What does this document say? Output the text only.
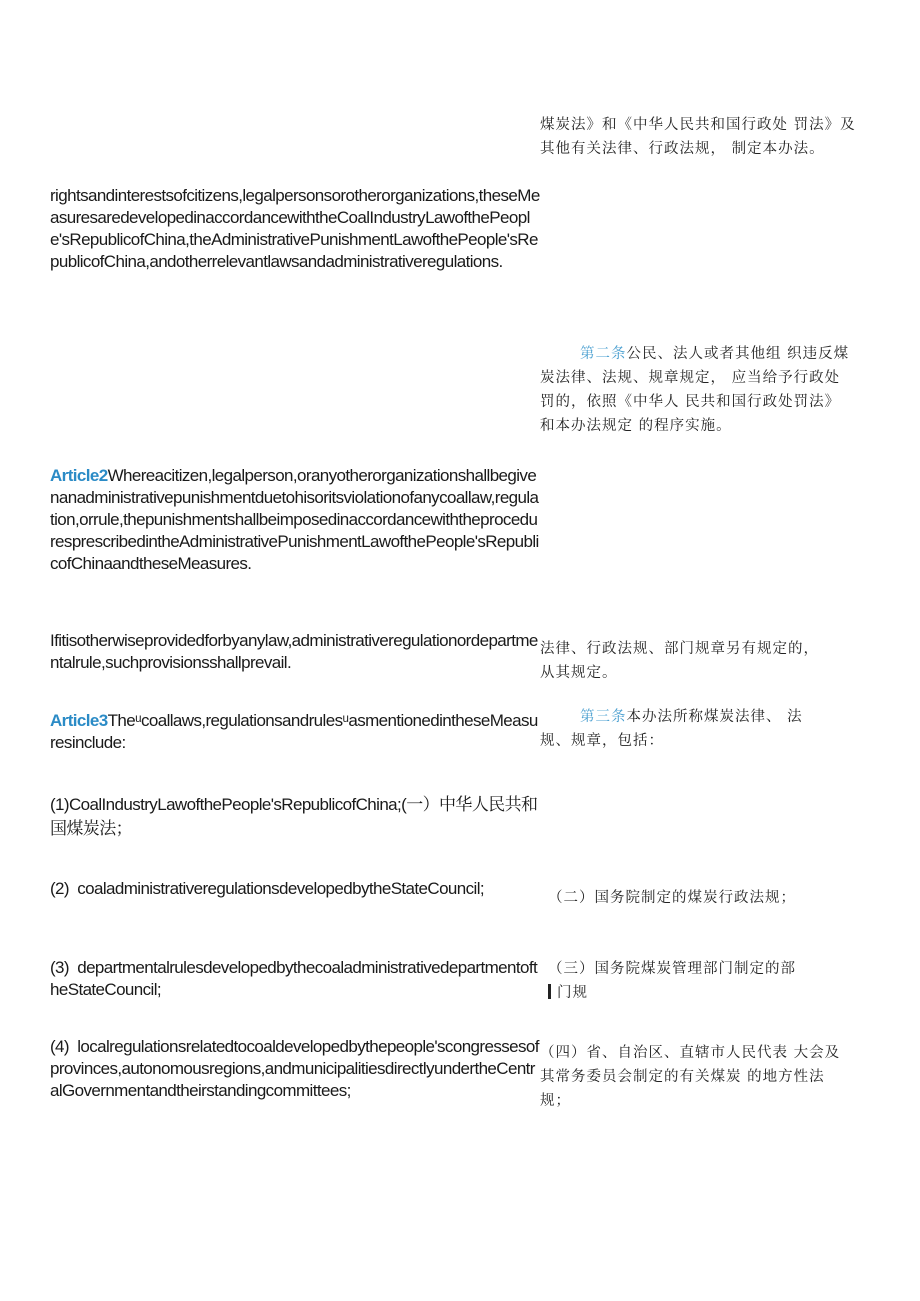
煤炭法》和《中华人民共和国行政处 罚法》及其他有关法律、行政法规， 制定本办法。
rightsandinterestsofcitizens,legalpersonsorotherorganizations,theseMeasuresaredevelopedinaccordancewiththeCoalIndustryLawofthePeople'sRepublicofChina,theAdministrativePunishmentLawofthePeople'sRepublicofChina,andotherrelevantlawsandadministrativeregulations.
第二条公民、法人或者其他组 织违反煤炭法律、法规、规章规定， 应当给予行政处罚的，依照《中华人 民共和国行政处罚法》和本办法规定 的程序实施。
Article2Whereacitizen,legalperson,oranyotherorganizationshallbegivenanadministrativepunishmentduetohisoritsviolationofanycoallaw,regulation,orrule,thepunishmentshallbeimposedinaccordancewiththeproceduresprescribedintheAdministrativePunishmentLawofthePeople'sRepublicofChinaandtheseMeasures.
Ifitisotherwiseprovidedforbyanylaw,administrativeregulationordepartmentalrule,suchprovisionsshallprevail.
法律、行政法规、部门规章另有规定的，从其规定。
Article3Theᵘcoallaws,regulationsandrulesᵘasmentionedintheseMeasuresinclude:
第三条本办法所称煤炭法律、 法规、规章，包括：
(1)CoalIndustryLawofthePeople'sRepublicofChina;(一）中华人民共和国煤炭法；
(2)  coaladministrativeregulationsdevelopedbytheStateCouncil;	（二）国务院制定的煤炭行政法规；
(3)  departmentalrulesdevelopedbythecoaladministrativedepartmentoftheStateCouncil;
（三）国务院煤炭管理部门制定的部
门规
(4)  localregulationsrelatedtocoaldevelopedbythepeople'scongressesofprovinces,autonomousregions,andmunicipalitiesdirectlyundertheCentralGovernmentandtheirstandingcommittees;
（四）省、自治区、直辖市人民代表 大会及其常务委员会制定的有关煤炭 的地方性法规；
